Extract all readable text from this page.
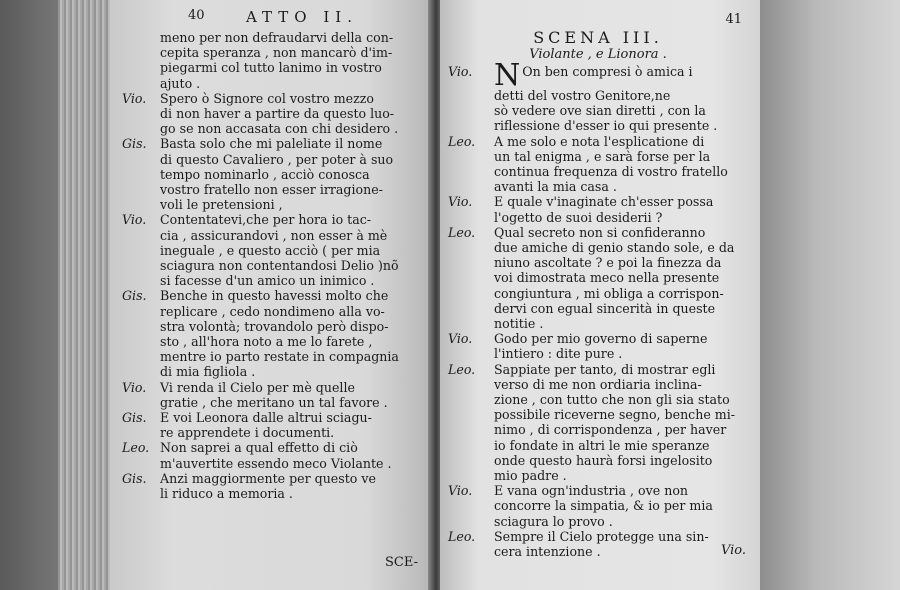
40	ATTO II.
meno per non defraudarvi della con-
cepita speranza , non mancarò d'im-
piegarmi col tutto lanimo in vostro
ajuto .
Vio. Spero ò Signore col vostro mezzo
di non haver a partire da questo luo-
go se non accasata con chi desidero .
Gis. Basta solo che mi paleliate il nome
di questo Cavaliero , per poter à suo
tempo nominarlo , acciò conosca
vostro fratello non esser irragione-
voli le pretensioni ,
Vio. Contentatevi,che per hora io tac-
cia , assicurandovi , non esser à mè
ineguale , e questo acciò ( per mia
sciagura non contentandosi Delio )nõ
si facesse d'un amico un inimico .
Gis. Benche in questo havessi molto che
replicare , cedo nondimeno alla vo-
stra volontà; trovandolo però dispo-
sto , all'hora noto a me lo farete ,
mentre io parto restate in compagnia
di mia figliola .
Vio. Vi renda il Cielo per mè quelle
gratie , che meritano un tal favore .
Gis. E voi Leonora dalle altrui sciagu-
re apprendete i documenti.
Leo. Non saprei a qual effetto di ciò
m'auvertite essendo meco Violante .
Gis. Anzi maggiormente per questo ve
li riduco a memoria .
SCE-
41
SCENA III.
Violante , e Lionora .
Vio. N On ben compresi ò amica i
detti del vostro Genitore,ne
sò vedere ove sian diretti , con la
riflessione d'esser io qui presente .
Leo. A me solo e nota l'esplicatione di
un tal enigma , e sarà forse per la
continua frequenza di vostro fratello
avanti la mia casa .
Vio. E quale v'inaginate ch'esser possa
l'ogetto de suoi desiderii ?
Leo. Qual secreto non si confideranno
due amiche di genio stando sole, e da
niuno ascoltate ? e poi la finezza da
voi dimostrata meco nella presente
congiuntura , mi obliga a corrispon-
dervi con egual sincerità in queste
notitie .
Vio. Godo per mio governo di saperne
l'intiero : dite pure .
Leo. Sappiate per tanto, di mostrar egli
verso di me non ordiaria inclina-
zione , con tutto che non gli sia stato
possibile riceverne segno, benche mi-
nimo , di corrispondenza , per haver
io fondate in altri le mie speranze
onde questo haurà forsi ingelosito
mio padre .
Vio. E vana ogn'industria , ove non
concorre la simpatia, & io per mia
sciagura lo provo .
Leo. Sempre il Cielo protegge una sin-
cera intenzione .	Vio.
